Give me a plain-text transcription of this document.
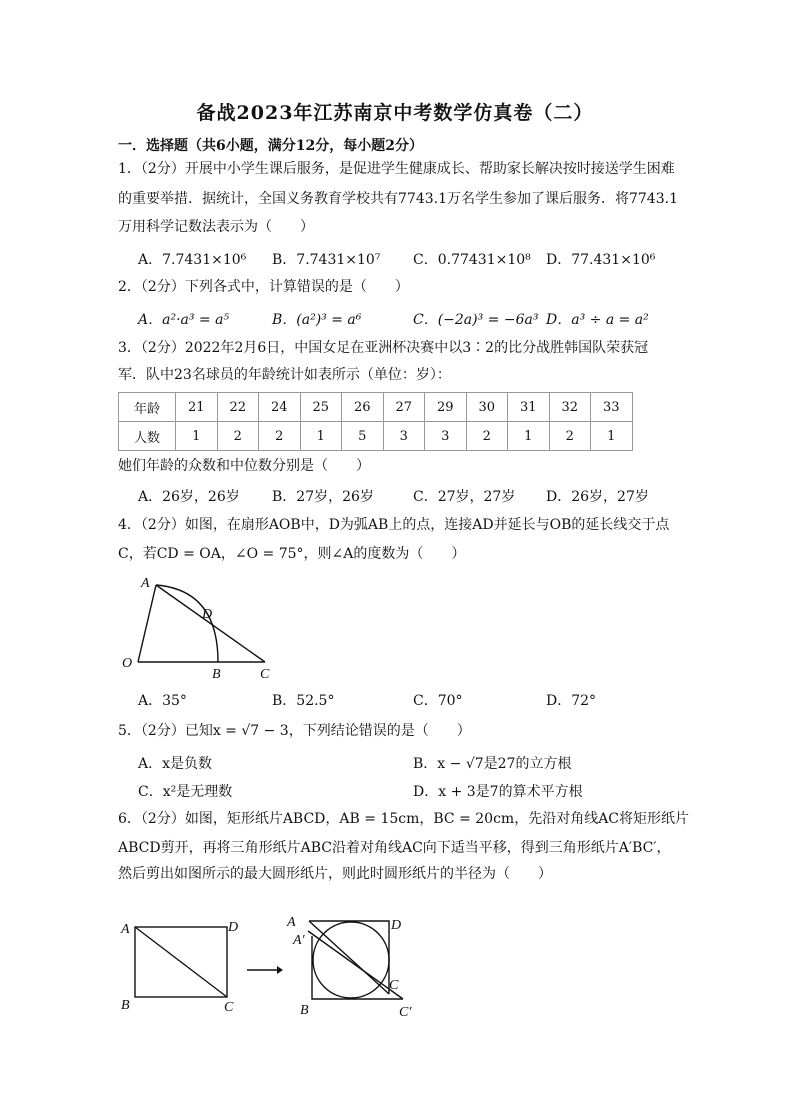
备战2023年江苏南京中考数学仿真卷（二）
一．选择题（共6小题，满分12分，每小题2分）
1．（2分）开展中小学生课后服务，是促进学生健康成长、帮助家长解决按时接送学生困难
的重要举措．据统计，全国义务教育学校共有7743.1万名学生参加了课后服务．将7743.1
万用科学记数法表示为（　　）
A．7.7431×10⁶ B．7.7431×10⁷ C．0.77431×10⁸ D．77.431×10⁶
2．（2分）下列各式中，计算错误的是（　　）
A．a²·a³ = a⁵	B．(a²)³ = a⁶	C．(−2a)³ = −6a³ D．a³ ÷ a = a²
3．（2分）2022年2月6日，中国女足在亚洲杯决赛中以3∶2的比分战胜韩国队荣获冠
军．队中23名球员的年龄统计如表所示（单位：岁）：
年龄	21	22	24	25	26	27	29	30	31	32	33
人数	1	2	2	1	5	3	3	2	1	2	1
她们年龄的众数和中位数分别是（　　）
A．26岁，26岁 B．27岁，26岁	C．27岁，27岁 D．26岁，27岁
4．（2分）如图，在扇形AOB中，D为弧AB上的点，连接AD并延长与OB的延长线交于点
C，若CD = OA，∠O = 75°，则∠A的度数为（　　）
A
D
O
B	C
A．35°	B．52.5°	C．70°	D．72°
5．（2分）已知x = √7 − 3，下列结论错误的是（　　）
A．x是负数	B．x − √7是27的立方根
C．x²是无理数	D．x + 3是7的算术平方根
6．（2分）如图，矩形纸片ABCD，AB = 15cm，BC = 20cm，先沿对角线AC将矩形纸片
ABCD剪开，再将三角形纸片ABC沿着对角线AC向下适当平移，得到三角形纸片A′BC′，
然后剪出如图所示的最大圆形纸片，则此时圆形纸片的半径为（　　）
A	D
B	C
A
A′
D
C
B	C′
